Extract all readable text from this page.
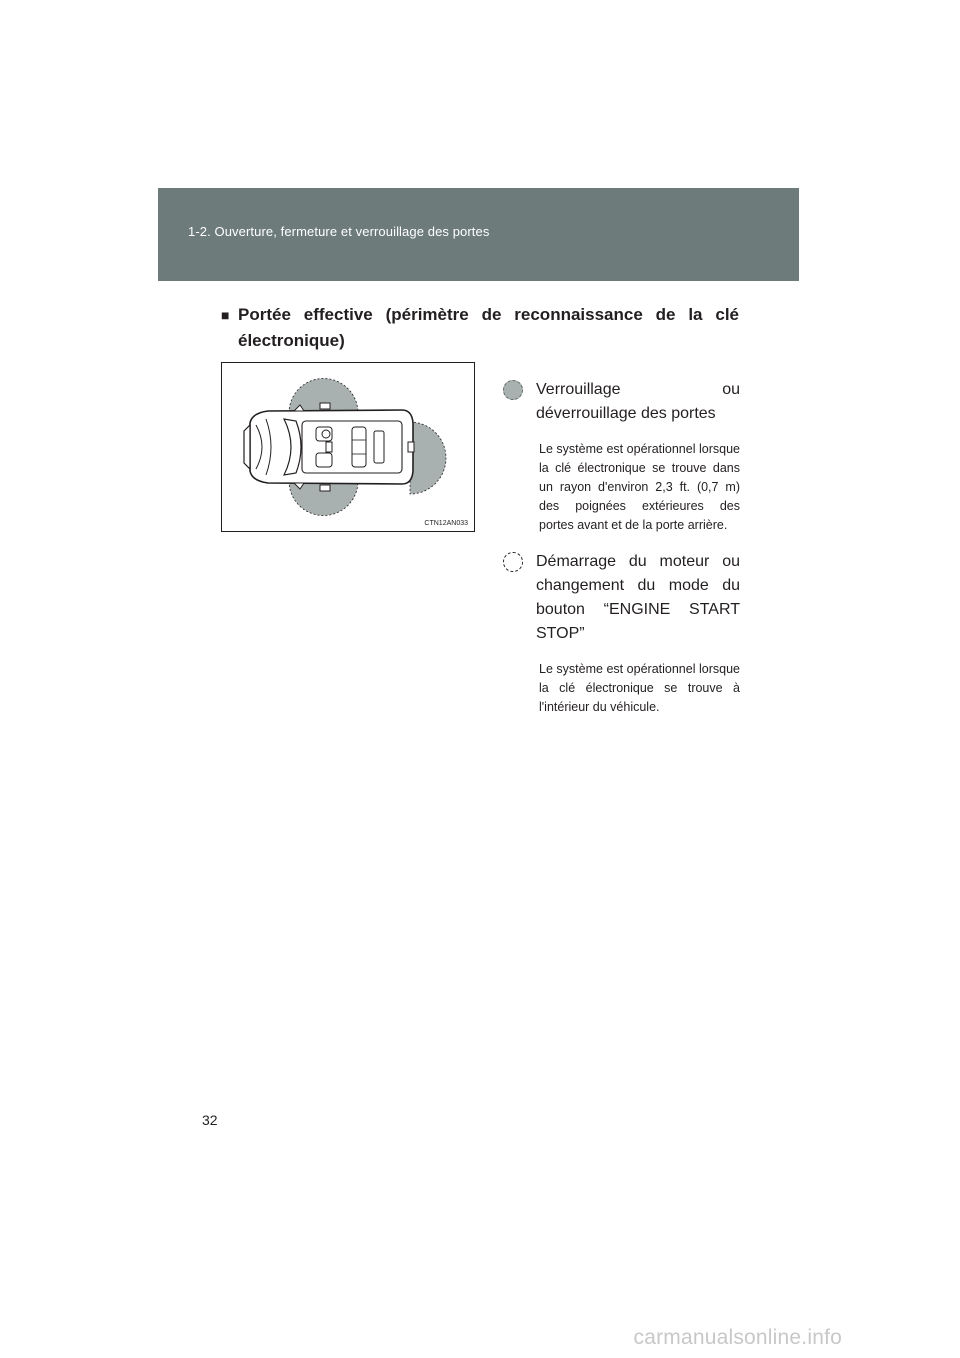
1-2. Ouverture, fermeture et verrouillage des portes
■ Portée effective (périmètre de reconnaissance de la clé
électronique)
CTN12AN033
Verrouillage ou déverrouillage des portes
Le système est opérationnel lorsque la clé électronique se trouve dans un rayon d'environ 2,3 ft. (0,7 m) des poignées extérieures des portes avant et de la porte arrière.
Démarrage du moteur ou changement du mode du bouton “ENGINE START STOP”
Le système est opérationnel lorsque la clé électronique se trouve à l'intérieur du véhicule.
32
carmanualsonline.info
